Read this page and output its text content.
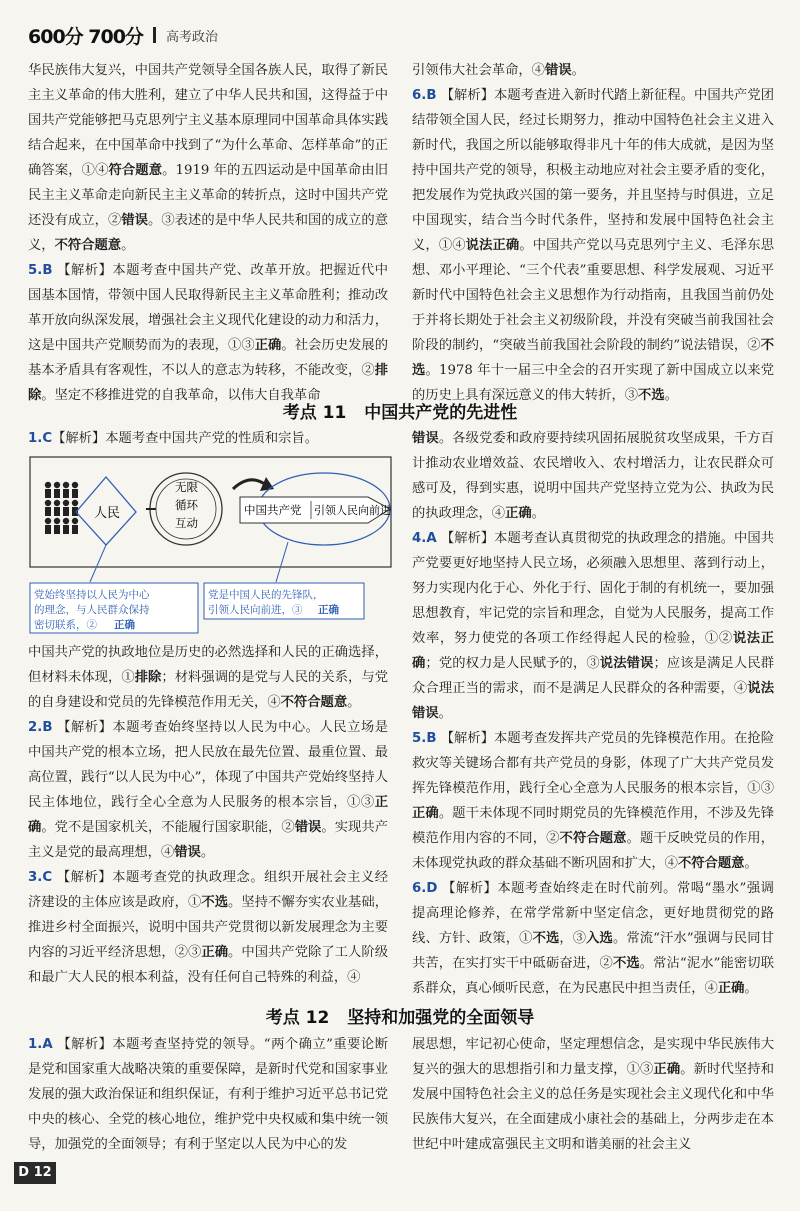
600分 700分 高考政治

华民族伟大复兴，中国共产党领导全国各族人民，取得了新民主主义革命的伟大胜利，建立了中华人民共和国，这得益于中国共产党能够把马克思列宁主义基本原理同中国革命具体实践结合起来，在中国革命中找到了“为什么革命、怎样革命”的正确答案，①④符合题意。1919 年的五四运动是中国革命由旧民主主义革命走向新民主主义革命的转折点，这时中国共产党还没有成立，②错误。③表述的是中华人民共和国的成立的意义，不符合题意。

5.B 【解析】本题考查中国共产党、改革开放。把握近代中国基本国情，带领中国人民取得新民主主义革命胜利；推动改革开放向纵深发展，增强社会主义现代化建设的动力和活力，这是中国共产党顺势而为的表现，①③正确。社会历史发展的基本矛盾具有客观性，不以人的意志为转移，不能改变，②排除。坚定不移推进党的自我革命，以伟大自我革命

引领伟大社会革命，④错误。

6.B 【解析】本题考查进入新时代踏上新征程。中国共产党团结带领全国人民，经过长期努力，推动中国特色社会主义进入新时代，我国之所以能够取得非凡十年的伟大成就，是因为坚持中国共产党的领导，积极主动地应对社会主要矛盾的变化，把发展作为党执政兴国的第一要务，并且坚持与时俱进，立足中国现实，结合当今时代条件，坚持和发展中国特色社会主义，①④说法正确。中国共产党以马克思列宁主义、毛泽东思想、邓小平理论、“三个代表”重要思想、科学发展观、习近平新时代中国特色社会主义思想作为行动指南，且我国当前仍处于并将长期处于社会主义初级阶段，并没有突破当前我国社会阶段的制约，“突破当前我国社会阶段的制约”说法错误，②不选。1978 年十一届三中全会的召开实现了新中国成立以来党的历史上具有深远意义的伟大转折，③不选。

考点 11 中国共产党的先进性

1.C【解析】本题考查中国共产党的性质和宗旨。

人民
无限
循环
互动
中国共产党 引领人民向前进
党始终坚持以人民为中心
的理念，与人民群众保持
密切联系，② 正确
党是中国人民的先锋队，
引领人民向前进，③ 正确

中国共产党的执政地位是历史的必然选择和人民的正确选择，但材料未体现，①排除；材料强调的是党与人民的关系，与党的自身建设和党员的先锋模范作用无关，④不符合题意。

2.B 【解析】本题考查始终坚持以人民为中心。人民立场是中国共产党的根本立场，把人民放在最先位置、最重位置、最高位置，践行“以人民为中心”，体现了中国共产党始终坚持人民主体地位，践行全心全意为人民服务的根本宗旨，①③正确。党不是国家机关，不能履行国家职能，②错误。实现共产主义是党的最高理想，④错误。

3.C 【解析】本题考查党的执政理念。组织开展社会主义经济建设的主体应该是政府，①不选。坚持不懈夯实农业基础，推进乡村全面振兴，说明中国共产党贯彻以新发展理念为主要内容的习近平经济思想，②③正确。中国共产党除了工人阶级和最广大人民的根本利益，没有任何自己特殊的利益，④

错误。各级党委和政府要持续巩固拓展脱贫攻坚成果，千方百计推动农业增效益、农民增收入、农村增活力，让农民群众可感可及，得到实惠，说明中国共产党坚持立党为公、执政为民的执政理念，④正确。

4.A 【解析】本题考查认真贯彻党的执政理念的措施。中国共产党要更好地坚持人民立场，必须融入思想里、落到行动上，努力实现内化于心、外化于行、固化于制的有机统一，要加强思想教育，牢记党的宗旨和理念，自觉为人民服务，提高工作效率，努力使党的各项工作经得起人民的检验，①②说法正确；党的权力是人民赋予的，③说法错误；应该是满足人民群众合理正当的需求，而不是满足人民群众的各种需要，④说法错误。

5.B 【解析】本题考查发挥共产党员的先锋模范作用。在抢险救灾等关键场合都有共产党员的身影，体现了广大共产党员发挥先锋模范作用，践行全心全意为人民服务的根本宗旨，①③正确。题干未体现不同时期党员的先锋模范作用，不涉及先锋模范作用内容的不同，②不符合题意。题干反映党员的作用，未体现党执政的群众基础不断巩固和扩大，④不符合题意。

6.D 【解析】本题考查始终走在时代前列。常喝“墨水”强调提高理论修养，在常学常新中坚定信念，更好地贯彻党的路线、方针、政策，①不选，③入选。常流“汗水”强调与民同甘共苦，在实打实干中砥砺奋进，②不选。常沾“泥水”能密切联系群众，真心倾听民意，在为民惠民中担当责任，④正确。

考点 12 坚持和加强党的全面领导

1.A 【解析】本题考查坚持党的领导。“两个确立”重要论断是党和国家重大战略决策的重要保障，是新时代党和国家事业发展的强大政治保证和组织保证，有利于维护习近平总书记党中央的核心、全党的核心地位，维护党中央权威和集中统一领导，加强党的全面领导；有利于坚定以人民为中心的发

展思想，牢记初心使命，坚定理想信念，是实现中华民族伟大复兴的强大的思想指引和力量支撑，①③正确。新时代坚持和发展中国特色社会主义的总任务是实现社会主义现代化和中华民族伟大复兴，在全面建成小康社会的基础上，分两步走在本世纪中叶建成富强民主文明和谐美丽的社会主义

D 12
